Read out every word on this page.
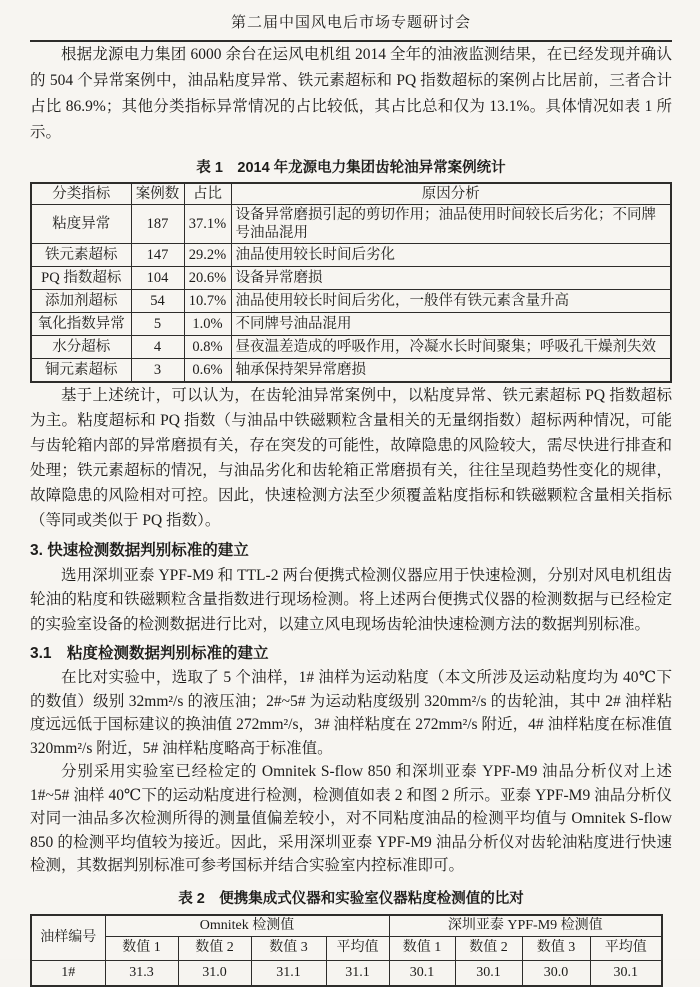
第二届中国风电后市场专题研讨会

根据龙源电力集团 6000 余台在运风电机组 2014 全年的油液监测结果，在已经发现并确认的 504 个异常案例中，油品粘度异常、铁元素超标和 PQ 指数超标的案例占比居前，三者合计占比 86.9%；其他分类指标异常情况的占比较低，其占比总和仅为 13.1%。具体情况如表 1 所示。

表 1　2014 年龙源电力集团齿轮油异常案例统计
分类指标	案例数	占比	原因分析
粘度异常	187	37.1%	设备异常磨损引起的剪切作用；油品使用时间较长后劣化；不同牌号油品混用
铁元素超标	147	29.2%	油品使用较长时间后劣化
PQ 指数超标	104	20.6%	设备异常磨损
添加剂超标	54	10.7%	油品使用较长时间后劣化，一般伴有铁元素含量升高
氧化指数异常	5	1.0%	不同牌号油品混用
水分超标	4	0.8%	昼夜温差造成的呼吸作用，冷凝水长时间聚集；呼吸孔干燥剂失效
铜元素超标	3	0.6%	轴承保持架异常磨损

基于上述统计，可以认为，在齿轮油异常案例中，以粘度异常、铁元素超标 PQ 指数超标为主。粘度超标和 PQ 指数（与油品中铁磁颗粒含量相关的无量纲指数）超标两种情况，可能与齿轮箱内部的异常磨损有关，存在突发的可能性，故障隐患的风险较大，需尽快进行排查和处理；铁元素超标的情况，与油品劣化和齿轮箱正常磨损有关，往往呈现趋势性变化的规律，故障隐患的风险相对可控。因此，快速检测方法至少须覆盖粘度指标和铁磁颗粒含量相关指标（等同或类似于 PQ 指数）。

3. 快速检测数据判别标准的建立

选用深圳亚泰 YPF-M9 和 TTL-2 两台便携式检测仪器应用于快速检测，分别对风电机组齿轮油的粘度和铁磁颗粒含量指数进行现场检测。将上述两台便携式仪器的检测数据与已经检定的实验室设备的检测数据进行比对，以建立风电现场齿轮油快速检测方法的数据判别标准。

3.1　粘度检测数据判别标准的建立

在比对实验中，选取了 5 个油样，1# 油样为运动粘度（本文所涉及运动粘度均为 40℃下的数值）级别 32mm²/s 的液压油；2#~5# 为运动粘度级别 320mm²/s 的齿轮油，其中 2# 油样粘度远远低于国标建议的换油值 272mm²/s，3# 油样粘度在 272mm²/s 附近，4# 油样粘度在标准值 320mm²/s 附近，5# 油样粘度略高于标准值。

分别采用实验室已经检定的 Omnitek S-flow 850 和深圳亚泰 YPF-M9 油品分析仪对上述 1#~5# 油样 40℃下的运动粘度进行检测，检测值如表 2 和图 2 所示。亚泰 YPF-M9 油品分析仪对同一油品多次检测所得的测量值偏差较小，对不同粘度油品的检测平均值与 Omnitek S-flow 850 的检测平均值较为接近。因此，采用深圳亚泰 YPF-M9 油品分析仪对齿轮油粘度进行快速检测，其数据判别标准可参考国标并结合实验室内控标准即可。

表 2　便携集成式仪器和实验室仪器粘度检测值的比对
油样编号	Omnitek 检测值				深圳亚泰 YPF-M9 检测值			
	数值 1	数值 2	数值 3	平均值	数值 1	数值 2	数值 3	平均值
1#	31.3	31.0	31.1	31.1	30.1	30.1	30.0	30.1
